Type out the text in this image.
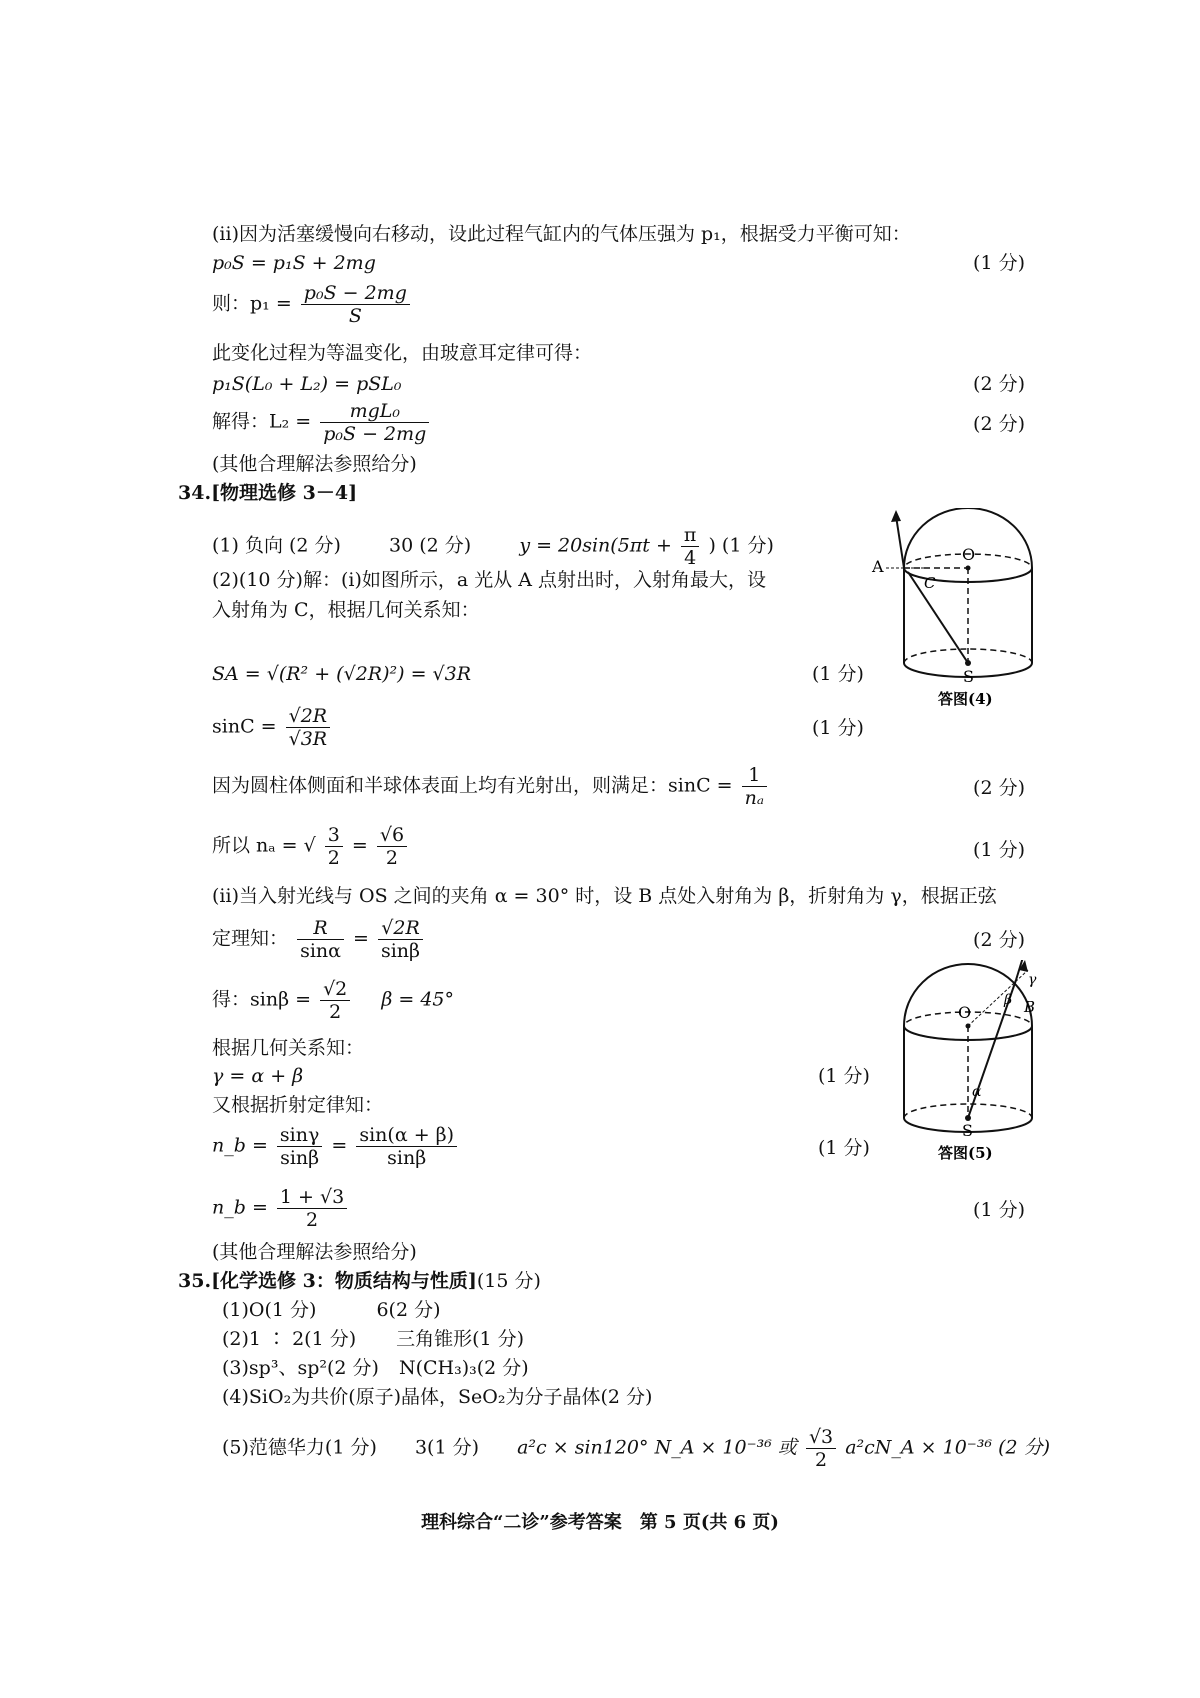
(ii)因为活塞缓慢向右移动，设此过程气缸内的气体压强为 p₁，根据受力平衡可知：
p₀S = p₁S + 2mg	(1 分)
则：$p_1 = \frac{\text{p₀S − 2mg}}{S}$
此变化过程为等温变化，由玻意耳定律可得：
p₁S(L₀ + L₂) = pSL₀	(2 分)
解得：$L_2 = \frac{\text{mgL₀}}{\text{p₀S − 2mg}}$	(2 分)
(其他合理解法参照给分)
34.[物理选修 3－4]
(1) 负向 (2 分)	30 (2 分)	$y = 20\sin(5\pi t + \frac{\pi}{4}$ ) (1 分)
(2)(10 分)解：(i)如图所示，a 光从 A 点射出时，入射角最大，设
入射角为 C，根据几何关系知：
SA = √(R² + (√2R)²) = √3R	(1 分)
$\sin C = \frac{√2R}{√3R}$	(1 分)
因为圆柱体侧面和半球体表面上均有光射出，则满足：$\sin C = \frac{1}{\text{nₐ}}$	(2 分)
所以 nₐ = √ $\frac{3}{2} = \frac{√6}{2}$	(1 分)
(ii)当入射光线与 OS 之间的夹角 α = 30° 时，设 B 点处入射角为 β，折射角为 γ，根据正弦
定理知： $\frac{R}{\sin\alpha} = \frac{√2R}{\sin\beta}$	(2 分)
得：$\sin\beta = \frac{√2}{2}$ β = 45°
根据几何关系知：
γ = α + β	(1 分)
又根据折射定律知：
n_b = $\frac{\sin\gamma}{\sin\beta} = \frac{\sin(\alpha + \beta)}{\sin\beta}$	(1 分)
n_b = $\frac{1 + √3}{2}$	(1 分)
(其他合理解法参照给分)
A
O
C
S
答图(4)
O	B
β
γ
α
S
答图(5)
35.[化学选修 3：物质结构与性质](15 分)
(1)O(1 分)	6(2 分)
(2)1 ∶ 2(1 分) 三角锥形(1 分)
(3)sp³、sp²(2 分) N(CH₃)₃(2 分)
(4)SiO₂为共价(原子)晶体，SeO₂为分子晶体(2 分)
(5)范德华力(1 分) 3(1 分) a²c × sin120° N_A × 10⁻³⁶ 或 $\frac{√3}{2}$ a²cN_A × 10⁻³⁶ (2 分)
理科综合“二诊”参考答案　第 5 页(共 6 页)
